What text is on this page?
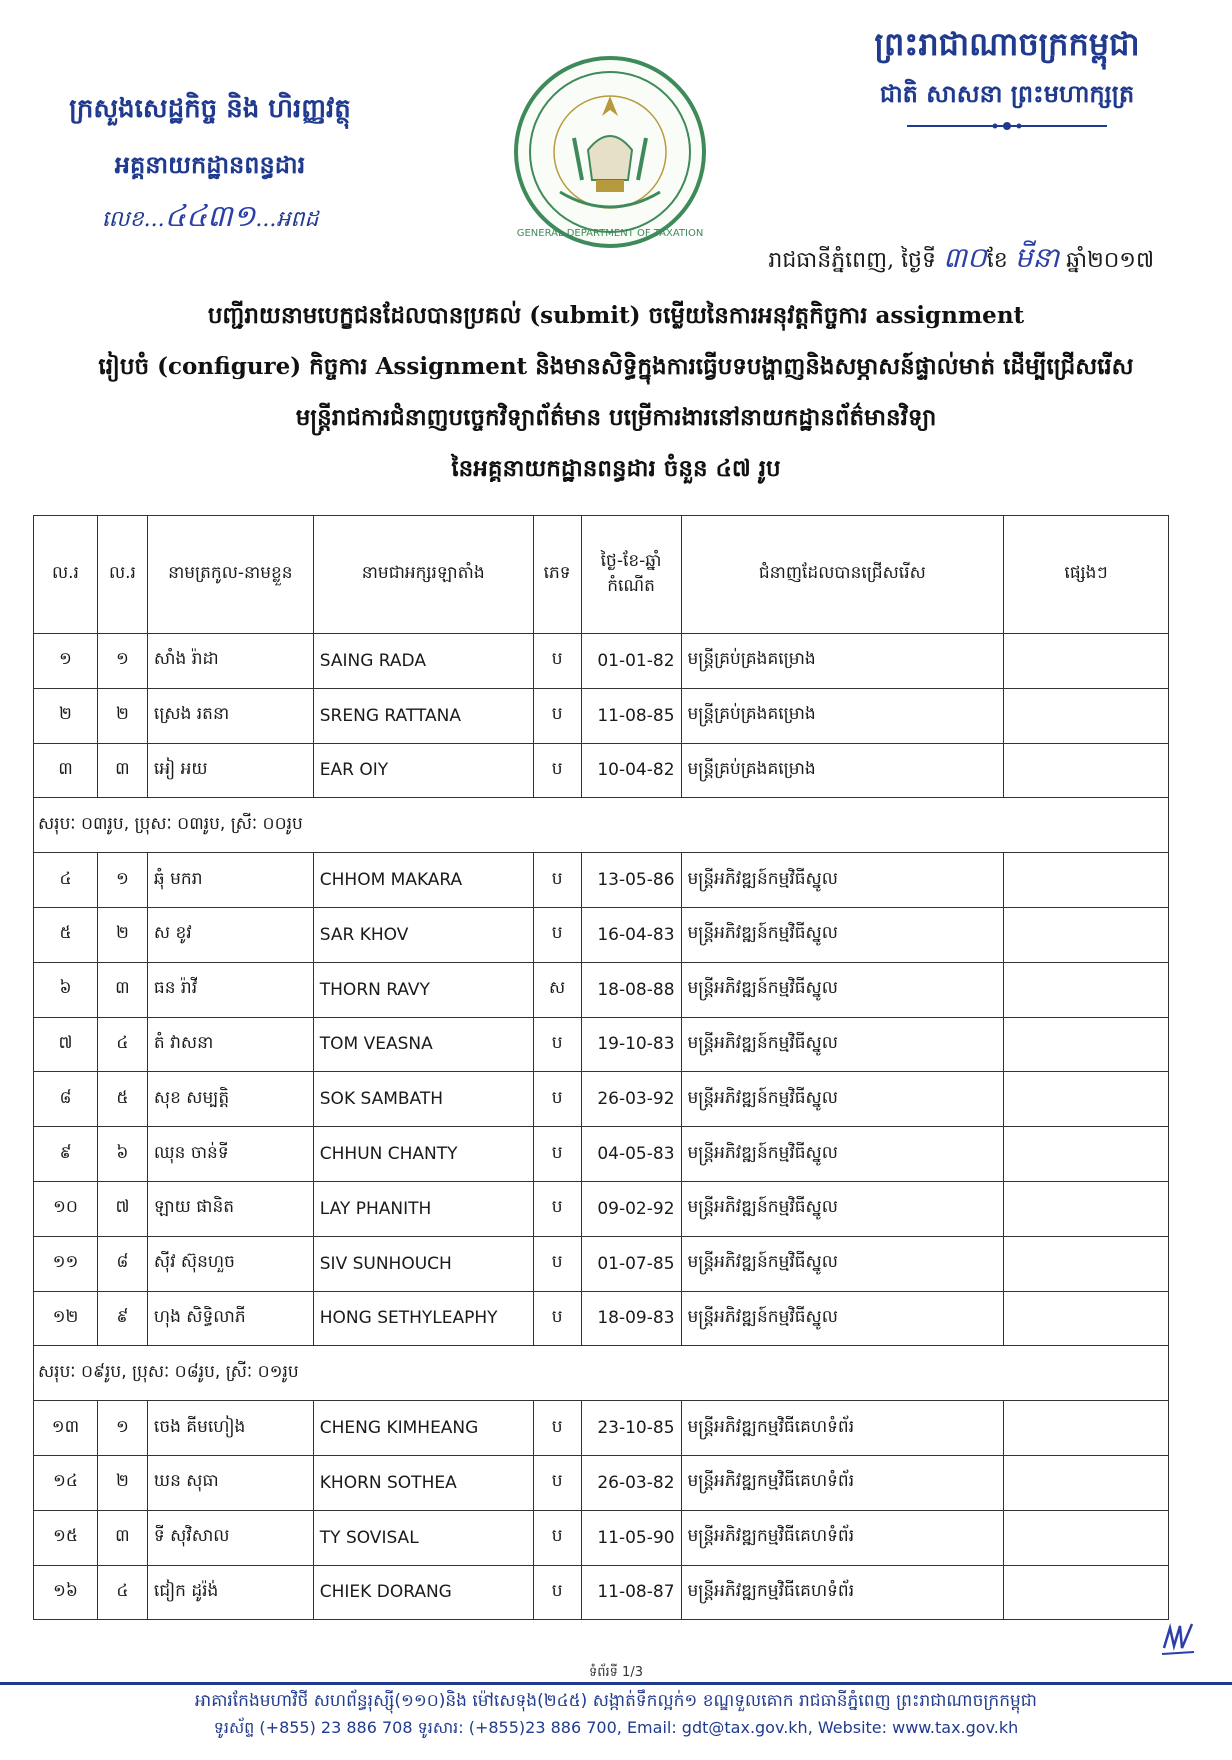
ក្រសួងសេដ្ឋកិច្ច និង ហិរញ្ញវត្ថុ
អគ្គនាយកដ្ឋានពន្ធដារ
លេខ...៤៤៣១...អពដ
GENERAL DEPARTMENT OF TAXATION
ព្រះរាជាណាចក្រកម្ពុជា
ជាតិ សាសនា ព្រះមហាក្សត្រ
រាជធានីភ្នំពេញ, ថ្ងៃទី ៣០ខែ មីនា ឆ្នាំ២០១៧
បញ្ជីរាយនាមបេក្ខជនដែលបានប្រគល់ (submit) ចម្លើយនៃការអនុវត្តកិច្ចការ assignment
រៀបចំ (configure) កិច្ចការ Assignment និងមានសិទ្ធិក្នុងការធ្វើបទបង្ហាញនិងសម្ភាសន៍ផ្ទាល់មាត់ ដើម្បីជ្រើសរើស
មន្ត្រីរាជការជំនាញបច្ចេកវិទ្យាព័ត៌មាន បម្រើការងារនៅនាយកដ្ឋានព័ត៌មានវិទ្យា
នៃអគ្គនាយកដ្ឋានពន្ធដារ ចំនួន ៤៧ រូប
ល.រ	ល.រ	នាមត្រកូល-នាមខ្លួន	នាមជាអក្សរឡាតាំង	ភេទ	ថ្ងៃ-ខែ-ឆ្នាំ កំណើត	ជំនាញដែលបានជ្រើសរើស	ផ្សេងៗ
១	១	សាំង រ៉ាដា	SAING RADA	ប	01-01-82	មន្ត្រីគ្រប់គ្រងគម្រោង	
២	២	ស្រេង រតនា	SRENG RATTANA	ប	11-08-85	មន្ត្រីគ្រប់គ្រងគម្រោង	
៣	៣	អៀ អយ	EAR OIY	ប	10-04-82	មន្ត្រីគ្រប់គ្រងគម្រោង	
សរុបៈ ០៣រូប, ប្រុសៈ ០៣រូប, ស្រីៈ ០០រូប							
៤	១	ឆុំ មករា	CHHOM MAKARA	ប	13-05-86	មន្ត្រីអភិវឌ្ឍន៍កម្មវិធីស្នូល	
៥	២	ស ខូវ	SAR KHOV	ប	16-04-83	មន្ត្រីអភិវឌ្ឍន៍កម្មវិធីស្នូល	
៦	៣	ធន រ៉ាវី	THORN RAVY	ស	18-08-88	មន្ត្រីអភិវឌ្ឍន៍កម្មវិធីស្នូល	
៧	៤	តំ វាសនា	TOM VEASNA	ប	19-10-83	មន្ត្រីអភិវឌ្ឍន៍កម្មវិធីស្នូល	
៨	៥	សុខ សម្បត្តិ	SOK SAMBATH	ប	26-03-92	មន្ត្រីអភិវឌ្ឍន៍កម្មវិធីស្នូល	
៩	៦	ឈុន ចាន់ទី	CHHUN CHANTY	ប	04-05-83	មន្ត្រីអភិវឌ្ឍន៍កម្មវិធីស្នូល	
១០	៧	ឡាយ ផានិត	LAY PHANITH	ប	09-02-92	មន្ត្រីអភិវឌ្ឍន៍កម្មវិធីស្នូល	
១១	៨	ស៊ីវ ស៊ុនហួច	SIV SUNHOUCH	ប	01-07-85	មន្ត្រីអភិវឌ្ឍន៍កម្មវិធីស្នូល	
១២	៩	ហុង សិទ្ធិលាភី	HONG SETHYLEAPHY	ប	18-09-83	មន្ត្រីអភិវឌ្ឍន៍កម្មវិធីស្នូល	
សរុបៈ ០៩រូប, ប្រុសៈ ០៨រូប, ស្រីៈ ០១រូប							
១៣	១	ចេង គីមហៀង	CHENG KIMHEANG	ប	23-10-85	មន្ត្រីអភិវឌ្ឍកម្មវិធីគេហទំព័រ	
១៤	២	ឃន សុធា	KHORN SOTHEA	ប	26-03-82	មន្ត្រីអភិវឌ្ឍកម្មវិធីគេហទំព័រ	
១៥	៣	ទី សុវិសាល	TY SOVISAL	ប	11-05-90	មន្ត្រីអភិវឌ្ឍកម្មវិធីគេហទំព័រ	
១៦	៤	ជៀក ដូរ៉ង់	CHIEK DORANG	ប	11-08-87	មន្ត្រីអភិវឌ្ឍកម្មវិធីគេហទំព័រ	
ទំព័រទី 1/3
អាគារកែងមហាវិថី សហព័ន្ធរុស្ស៊ី(១១០)និង ម៉ៅសេទុង(២៤៥) សង្កាត់ទឹកល្អក់១ ខណ្ឌទួលគោក រាជធានីភ្នំពេញ ព្រះរាជាណាចក្រកម្ពុជា
ទូរស័ព្ទ (+855) 23 886 708 ទូរសារ: (+855)23 886 700, Email: gdt@tax.gov.kh, Website: www.tax.gov.kh
